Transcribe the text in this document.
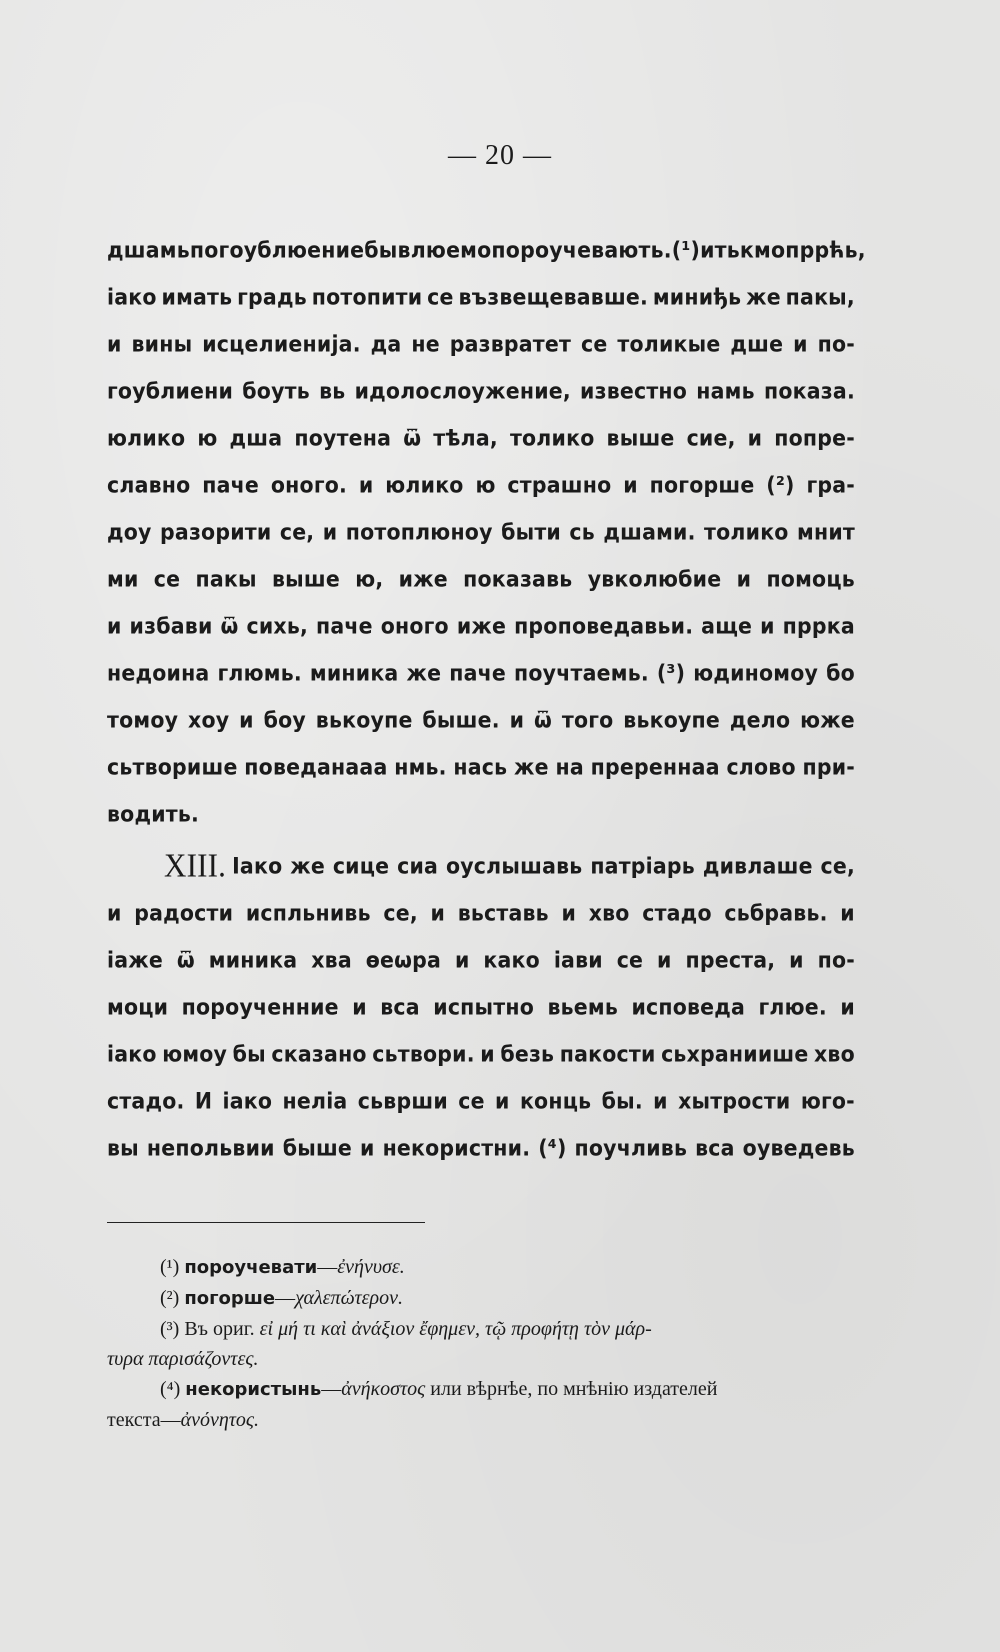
— 20 —
дшамь погоублюение бывлюемо пороучевають. (¹) и тькмо пррћь,
іако имать градь потопити се възвещевавше. миниђь же пакы,
и вины исцелиенија. да не развратет се толикые дше и по-
гоублиени боуть вь идолослоужение, известно намь показа.
юлико ю дша поутена ѿ тѣла, толико выше сие, и попре-
славно паче оного. и юлико ю страшно и погорше (²) гра-
доу разорити се, и потоплюноу быти сь дшами. толико мнит
ми се пакы выше ю, иже показавь увколюбие и помоць
и избави ѿ сихь, паче оного иже проповедавьи. аще и пррка
недоина глюмь. миника же паче поучтаемь. (³) юдиномоу бо
томоу хоу и боу вькоупе быше. и ѿ того вькоупе дело юже
сьтворише поведанааа нмь. нась же на пререннаа слово при-
водить.
XIII. Іако же сице сиа оуслышавь патріарь дивлаше се,
и радости испльнивь се, и вьставь и хво стадо сьбравь. и
іаже ѿ миника хва ѳеѡра и како іави се и преста, и по-
моци пороученние и вса испытно вьемь исповеда глюе. и
іако юмоу бы сказано сьтвори. и безь пакости сьхраниише хво
стадо. И іако неліа сьврши се и конць бы. и хытрости юго-
вы непольвии быше и некористни. (⁴) поучливь вса оуведевь

(¹) пороучевати—ἐνήνυσε.

(²) погорше—χαλεπώτερον.

(³) Въ ориг. εἰ μή τι καὶ ἀνάξιον ἔφημεν, τῷ προφήτῃ τὸν μάρ-

τυρα παρισάζοντες.

(⁴) некористынь—ἀνήκοστος или вѣрнѣе, по мнѣнію издателей

текста—ἀνόνητος.
